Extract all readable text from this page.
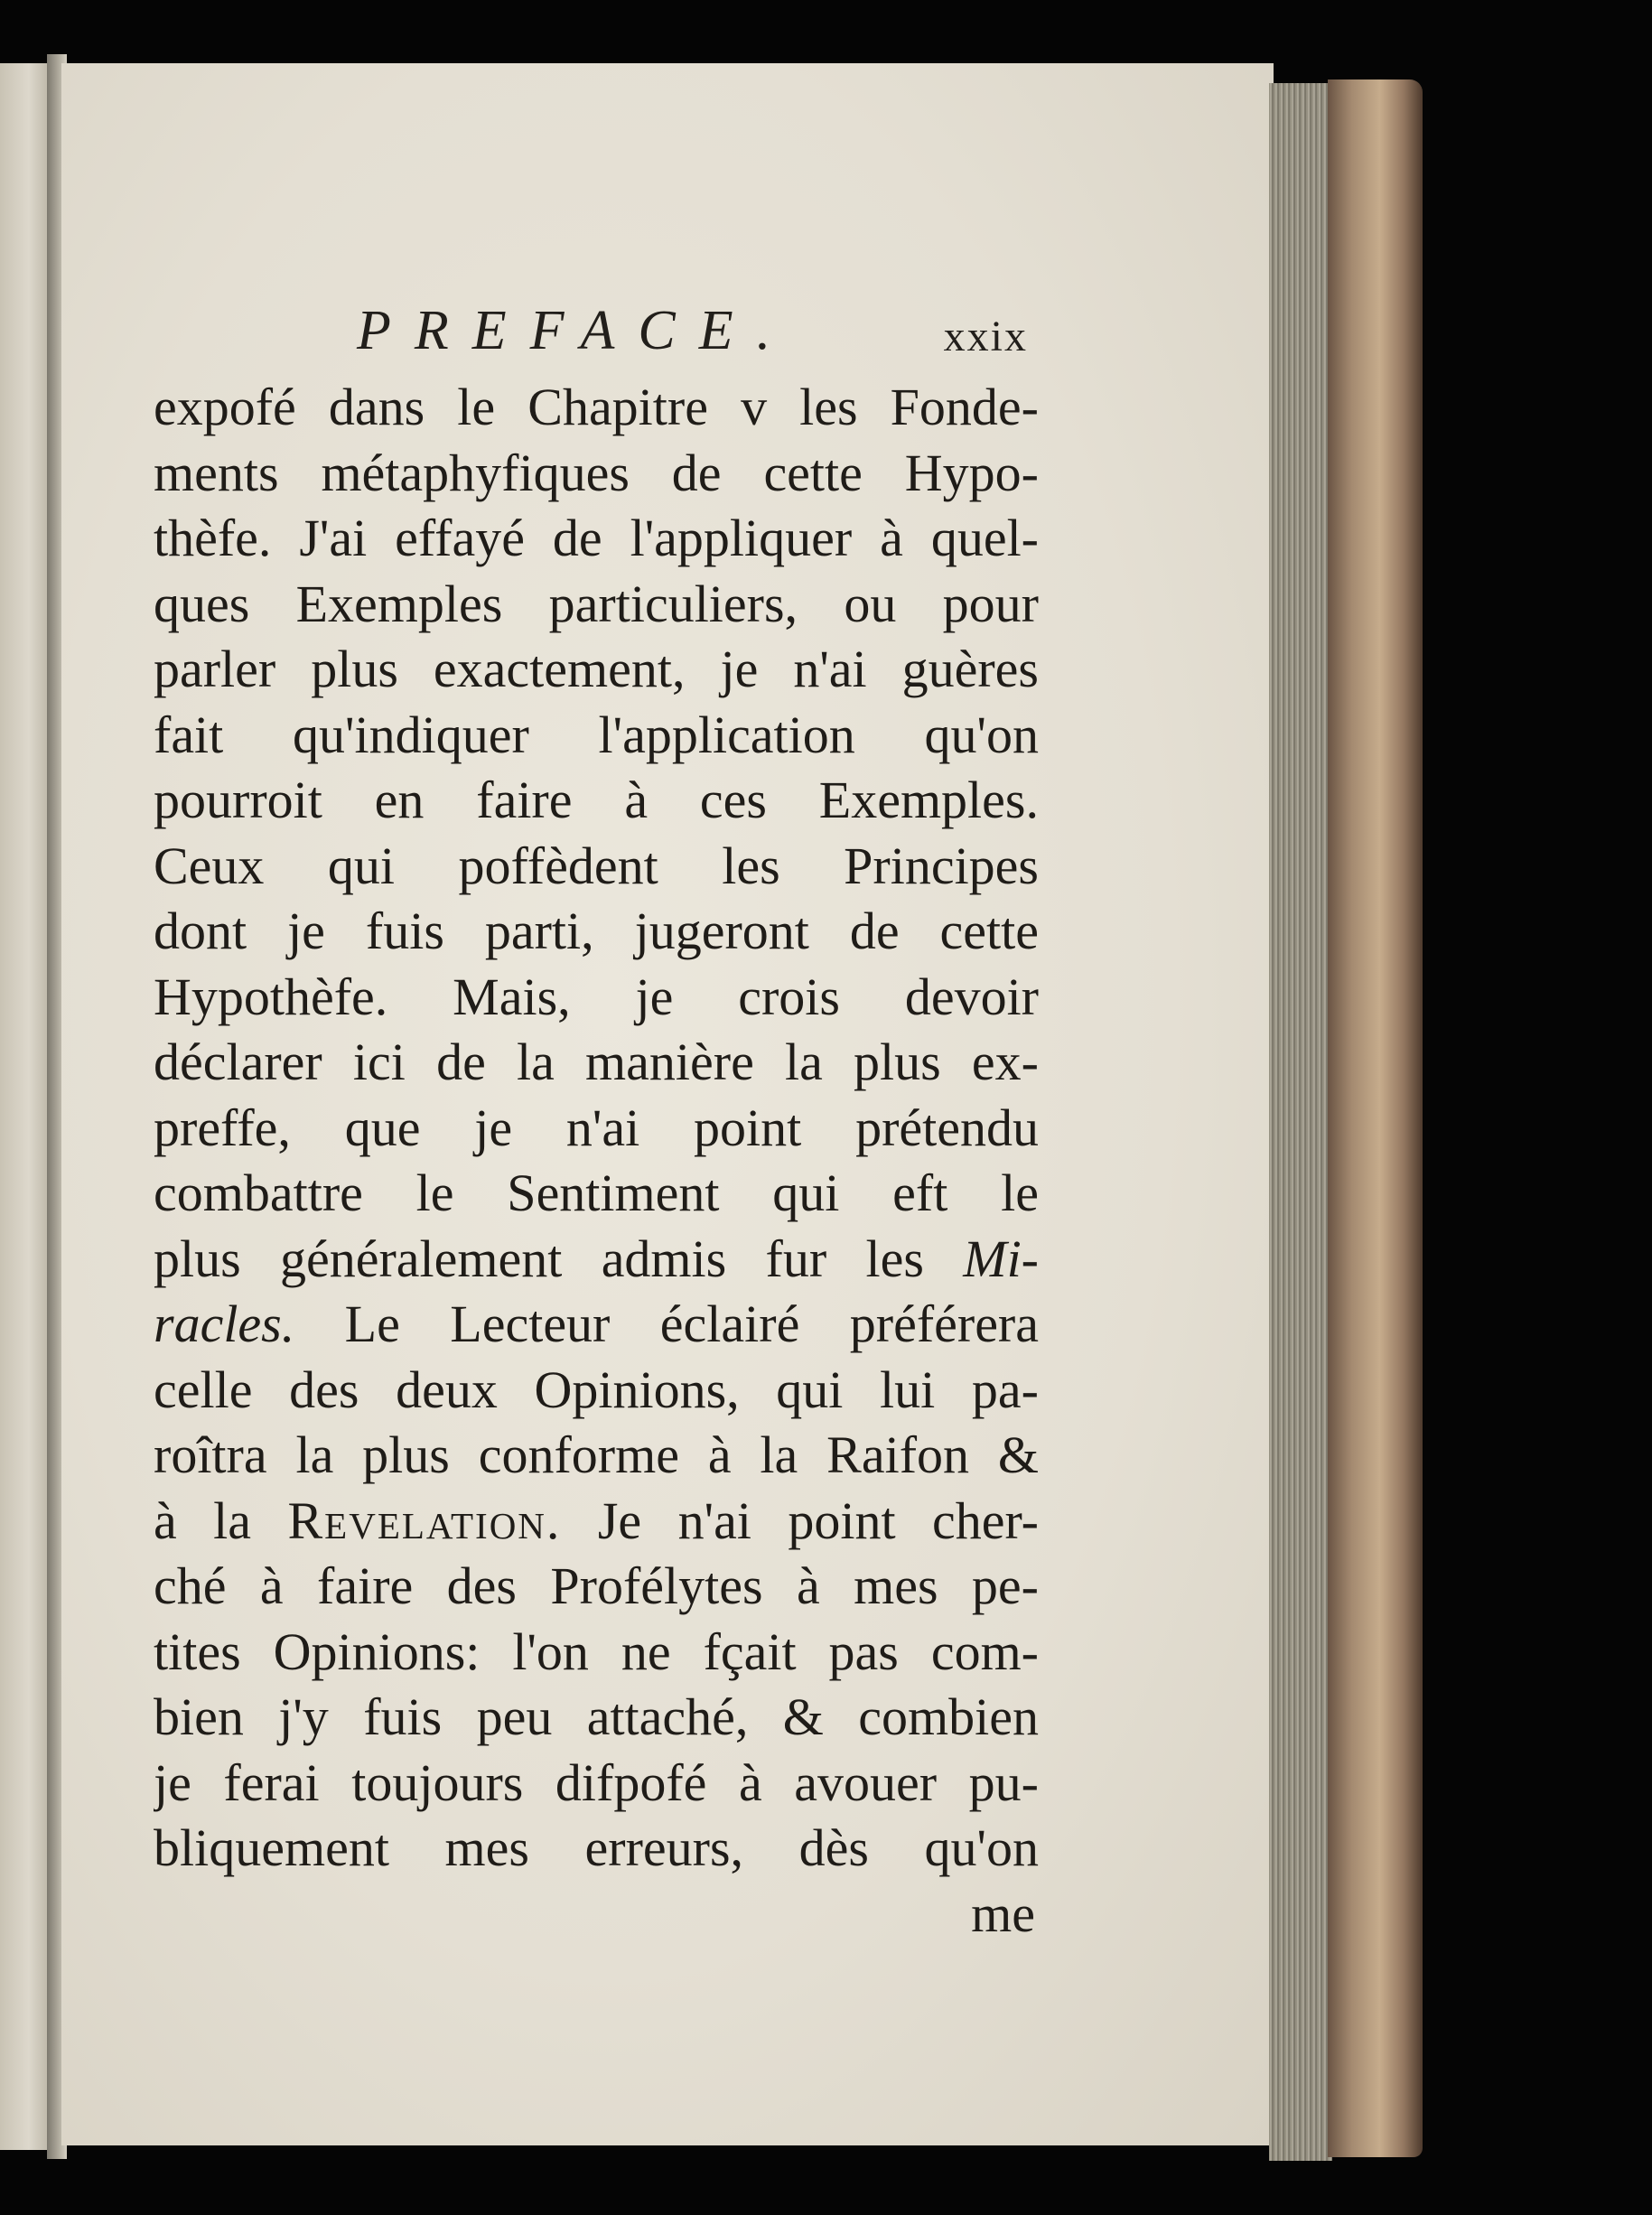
PREFACE.	xxix
expofé dans le Chapitre v les Fonde-
ments métaphyfiques de cette Hypo-
thèfe. J'ai effayé de l'appliquer à quel-
ques Exemples particuliers, ou pour
parler plus exactement, je n'ai guères
fait qu'indiquer l'application qu'on
pourroit en faire à ces Exemples.
Ceux qui poffèdent les Principes
dont je fuis parti, jugeront de cette
Hypothèfe. Mais, je crois devoir
déclarer ici de la manière la plus ex-
preffe, que je n'ai point prétendu
combattre le Sentiment qui eft le
plus généralement admis fur les Mi-
racles. Le Lecteur éclairé préférera
celle des deux Opinions, qui lui pa-
roîtra la plus conforme à la Raifon &
à la Revelation. Je n'ai point cher-
ché à faire des Profélytes à mes pe-
tites Opinions: l'on ne fçait pas com-
bien j'y fuis peu attaché, & combien
je ferai toujours difpofé à avouer pu-
bliquement mes erreurs, dès qu'on
me
